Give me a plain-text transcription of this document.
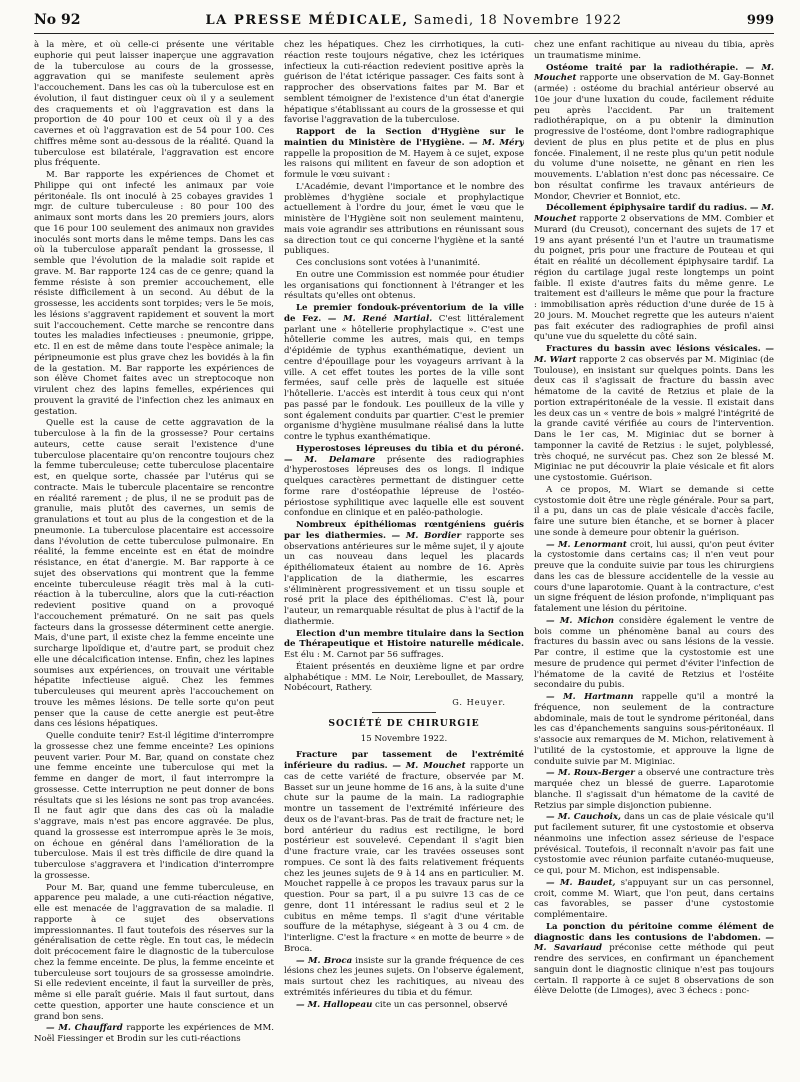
No 92	LA PRESSE MÉDICALE, Samedi, 18 Novembre 1922	999

à la mère, et où celle-ci présente une véritable euphorie qui peut laisser inaperçue une aggravation de la tuberculose au cours de la grossesse, aggravation qui se manifeste seulement après l'accouchement. Dans les cas où la tuberculose est en évolution, il faut distinguer ceux où il y a seulement des craquements et où l'aggravation est dans la proportion de 40 pour 100 et ceux où il y a des cavernes et où l'aggravation est de 54 pour 100. Ces chiffres même sont au-dessous de la réalité. Quand la tuberculose est bilatérale, l'aggravation est encore plus fréquente.

M. Bar rapporte les expériences de Chomet et Philippe qui ont infecté les animaux par voie péritonéale. Ils ont inoculé à 25 cobayes gravides 1 mgr. de culture tuberculeuse : 80 pour 100 des animaux sont morts dans les 20 premiers jours, alors que 16 pour 100 seulement des animaux non gravides inoculés sont morts dans le même temps. Dans les cas où la tuberculose apparaît pendant la grossesse, il semble que l'évolution de la maladie soit rapide et grave. M. Bar rapporte 124 cas de ce genre; quand la femme résiste à son premier accouchement, elle résiste difficilement à un second. Au début de la grossesse, les accidents sont torpides; vers le 5e mois, les lésions s'aggravent rapidement et souvent la mort suit l'accouchement. Cette marche se rencontre dans toutes les maladies infectieuses : pneumonie, grippe, etc. Il en est de même dans toute l'espèce animale; la péripneumonie est plus grave chez les bovidés à la fin de la gestation. M. Bar rapporte les expériences de son élève Chomet faites avec un streptocoque non virulent chez des lapins femelles, expériences qui prouvent la gravité de l'infection chez les animaux en gestation.

Quelle est la cause de cette aggravation de la tuberculose à la fin de la grossesse? Pour certains auteurs, cette cause serait l'existence d'une tuberculose placentaire qu'on rencontre toujours chez la femme tuberculeuse; cette tuberculose placentaire est, en quelque sorte, chassée par l'utérus qui se contracte. Mais le tubercule placentaire se rencontre en réalité rarement ; de plus, il ne se produit pas de granulie, mais plutôt des cavernes, un semis de granulations et tout au plus de la congestion et de la pneumonie. La tuberculose placentaire est accessoire dans l'évolution de cette tuberculose pulmonaire. En réalité, la femme enceinte est en état de moindre résistance, en état d'anergie. M. Bar rapporte à ce sujet des observations qui montrent que la femme enceinte tuberculeuse réagit très mal à la cuti-réaction à la tuberculine, alors que la cuti-réaction redevient positive quand on a provoqué l'accouchement prématuré. On ne sait pas quels facteurs dans la grossesse déterminent cette anergie. Mais, d'une part, il existe chez la femme enceinte une surcharge lipoïdique et, d'autre part, se produit chez elle une décalcification intense. Enfin, chez les lapines soumises aux expériences, on trouvait une véritable hépatite infectieuse aiguë. Chez les femmes tuberculeuses qui meurent après l'accouchement on trouve les mêmes lésions. De telle sorte qu'on peut penser que la cause de cette anergie est peut-être dans ces lésions hépatiques.

Quelle conduite tenir? Est-il légitime d'interrompre la grossesse chez une femme enceinte? Les opinions peuvent varier. Pour M. Bar, quand on constate chez une femme enceinte une tuberculose qui met la femme en danger de mort, il faut interrompre la grossesse. Cette interruption ne peut donner de bons résultats que si les lésions ne sont pas trop avancées. Il ne faut agir que dans des cas où la maladie s'aggrave, mais n'est pas encore aggravée. De plus, quand la grossesse est interrompue après le 3e mois, on échoue en général dans l'amélioration de la tuberculose. Mais il est très difficile de dire quand la tuberculose s'aggravera et l'indication d'interrompre la grossesse.

Pour M. Bar, quand une femme tuberculeuse, en apparence peu malade, a une cuti-réaction négative, elle est menacée de l'aggravation de sa maladie. Il rapporte à ce sujet des observations impressionnantes. Il faut toutefois des réserves sur la généralisation de cette règle. En tout cas, le médecin doit précocement faire le diagnostic de la tuberculose chez la femme enceinte. De plus, la femme enceinte et tuberculeuse sort toujours de sa grossesse amoindrie. Si elle redevient enceinte, il faut la surveiller de près, même si elle paraît guérie. Mais il faut surtout, dans cette question, apporter une haute conscience et un grand bon sens.

— M. Chauffard rapporte les expériences de MM. Noël Fiessinger et Brodin sur les cuti-réactions

chez les hépatiques. Chez les cirrhotiques, la cuti-réaction reste toujours négative, chez les ictériques infectieux la cuti-réaction redevient positive après la guérison de l'état ictérique passager. Ces faits sont à rapprocher des observations faites par M. Bar et semblent témoigner de l'existence d'un état d'anergie hépatique s'établissant au cours de la grossesse et qui favorise l'aggravation de la tuberculose.

Rapport de la Section d'Hygiène sur le maintien du Ministère de l'Hygiène. — M. Méry rappelle la proposition de M. Hayem à ce sujet, expose les raisons qui militent en faveur de son adoption et formule le vœu suivant :

L'Académie, devant l'importance et le nombre des problèmes d'hygiène sociale et prophylactique actuellement à l'ordre du jour, émet le vœu que le ministère de l'Hygiène soit non seulement maintenu, mais voie agrandir ses attributions en réunissant sous sa direction tout ce qui concerne l'hygiène et la santé publiques.

Ces conclusions sont votées à l'unanimité.

En outre une Commission est nommée pour étudier les organisations qui fonctionnent à l'étranger et les résultats qu'elles ont obtenus.

Le premier fondouk-préventorium de la ville de Fez. — M. René Martial. C'est littéralement parlant une « hôtellerie prophylactique ». C'est une hôtellerie comme les autres, mais qui, en temps d'épidémie de typhus exanthématique, devient un centre d'épouillage pour les voyageurs arrivant à la ville. A cet effet toutes les portes de la ville sont fermées, sauf celle près de laquelle est située l'hôtellerie. L'accès est interdit à tous ceux qui n'ont pas passé par le fondouk. Les pouilleux de la ville y sont également conduits par quartier. C'est le premier organisme d'hygiène musulmane réalisé dans la lutte contre le typhus exanthématique.

Hyperostoses lépreuses du tibia et du péroné. — M. Delamare présente des radiographies d'hyperostoses lépreuses des os longs. Il indique quelques caractères permettant de distinguer cette forme rare d'ostéopathie lépreuse de l'ostéo-périostose syphilitique avec laquelle elle est souvent confondue en clinique et en paléo-pathologie.

Nombreux épithéliomas rœntgéniens guéris par les diathermies. — M. Bordier rapporte ses observations antérieures sur le même sujet, il y ajoute un cas nouveau dans lequel les placards épithéliomateux étaient au nombre de 16. Après l'application de la diathermie, les escarres s'éliminèrent progressivement et un tissu souple et rosé prit la place des épithéliomas. C'est là, pour l'auteur, un remarquable résultat de plus à l'actif de la diathermie.

Election d'un membre titulaire dans la Section de Thérapeutique et Histoire naturelle médicale. Est élu : M. Carnot par 56 suffrages.

Étaient présentés en deuxième ligne et par ordre alphabétique : MM. Le Noir, Lereboullet, de Massary, Nobécourt, Rathery.

G. Heuyer.
SOCIÉTÉ DE CHIRURGIE
15 Novembre 1922.

Fracture par tassement de l'extrémité inférieure du radius. — M. Mouchet rapporte un cas de cette variété de fracture, observée par M. Basset sur un jeune homme de 16 ans, à la suite d'une chute sur la paume de la main. La radiographie montre un tassement de l'extrémité inférieure des deux os de l'avant-bras. Pas de trait de fracture net; le bord antérieur du radius est rectiligne, le bord postérieur est souvelevé. Cependant il s'agit bien d'une fracture vraie, car les travées osseuses sont rompues. Ce sont là des faits relativement fréquents chez les jeunes sujets de 9 à 14 ans en particulier. M. Mouchet rappelle à ce propos les travaux parus sur la question. Pour sa part, il a pu suivre 13 cas de ce genre, dont 11 intéressant le radius seul et 2 le cubitus en même temps. Il s'agit d'une véritable souffure de la métaphyse, siégeant à 3 ou 4 cm. de l'interligne. C'est la fracture « en motte de beurre » de Broca.

— M. Broca insiste sur la grande fréquence de ces lésions chez les jeunes sujets. On l'observe également, mais surtout chez les rachitiques, au niveau des extrémités inférieures du tibia et du fémur.

— M. Hallopeau cite un cas personnel, observé

chez une enfant rachitique au niveau du tibia, après un traumatisme minime.

Ostéome traité par la radiothérapie. — M. Mouchet rapporte une observation de M. Gay-Bonnet (armée) : ostéome du brachial antérieur observé au 10e jour d'une luxation du coude, facilement réduite peu après l'accident. Par un traitement radiothérapique, on a pu obtenir la diminution progressive de l'ostéome, dont l'ombre radiographique devient de plus en plus petite et de plus en plus foncée. Finalement, il ne reste plus qu'un petit nodule du volume d'une noisette, ne gênant en rien les mouvements. L'ablation n'est donc pas nécessaire. Ce bon résultat confirme les travaux antérieurs de Mondor, Chevrier et Bonniot, etc.

Décollement épiphysaire tardif du radius. — M. Mouchet rapporte 2 observations de MM. Combier et Murard (du Creusot), concernant des sujets de 17 et 19 ans ayant présenté l'un et l'autre un traumatisme du poignet, pris pour une fracture de Pouteau et qui était en réalité un décollement épiphysaire tardif. La région du cartilage jugal reste longtemps un point faible. Il existe d'autres faits du même genre. Le traitement est d'ailleurs le même que pour la fracture : immobilisation après réduction d'une durée de 15 à 20 jours. M. Mouchet regrette que les auteurs n'aient pas fait exécuter des radiographies de profil ainsi qu'une vue du squelette du côté sain.

Fractures du bassin avec lésions vésicales. — M. Wiart rapporte 2 cas observés par M. Miginiac (de Toulouse), en insistant sur quelques points. Dans les deux cas il s'agissait de fracture du bassin avec hématome de la cavité de Retzius et plaie de la portion extrapéritonéale de la vessie. Il existait dans les deux cas un « ventre de bois » malgré l'intégrité de la grande cavité vérifiée au cours de l'intervention. Dans le 1er cas, M. Miginiac dut se borner à tamponner la cavité de Retzius : le sujet, polyblessé, très choqué, ne survécut pas. Chez son 2e blessé M. Miginiac ne put découvrir la plaie vésicale et fit alors une cystostomie. Guérison.

A ce propos, M. Wiart se demande si cette cystostomie doit être une règle générale. Pour sa part, il a pu, dans un cas de plaie vésicale d'accès facile, faire une suture bien étanche, et se borner à placer une sonde à demeure pour obtenir la guérison.

— M. Lenormant croit, lui aussi, qu'on peut éviter la cystostomie dans certains cas; il n'en veut pour preuve que la conduite suivie par tous les chirurgiens dans les cas de blessure accidentelle de la vessie au cours d'une laparotomie. Quant à la contracture, c'est un signe fréquent de lésion profonde, n'impliquant pas fatalement une lésion du péritoine.

— M. Michon considère également le ventre de bois comme un phénomène banal au cours des fractures du bassin avec ou sans lésions de la vessie. Par contre, il estime que la cystostomie est une mesure de prudence qui permet d'éviter l'infection de l'hématome de la cavité de Retzius et l'ostéite secondaire du pubis.

— M. Hartmann rappelle qu'il a montré la fréquence, non seulement de la contracture abdominale, mais de tout le syndrome péritonéal, dans les cas d'épanchements sanguins sous-péritonéaux. Il s'associe aux remarques de M. Michon, relativement à l'utilité de la cystostomie, et approuve la ligne de conduite suivie par M. Miginiac.

— M. Roux-Berger a observé une contracture très marquée chez un blessé de guerre. Laparotomie blanche. Il s'agissait d'un hématome de la cavité de Retzius par simple disjonction pubienne.

— M. Cauchoix, dans un cas de plaie vésicale qu'il put facilement suturer, fit une cystostomie et observa néanmoins une infection assez sérieuse de l'espace prévésical. Toutefois, il reconnaît n'avoir pas fait une cystostomie avec réunion parfaite cutanéo-muqueuse, ce qui, pour M. Michon, est indispensable.

— M. Baudet, s'appuyant sur un cas personnel, croit, comme M. Wiart, que l'on peut, dans certains cas favorables, se passer d'une cystostomie complémentaire.

La ponction du péritoine comme élément de diagnostic dans les contusions de l'abdomen. — M. Savariaud préconise cette méthode qui peut rendre des services, en confirmant un épanchement sanguin dont le diagnostic clinique n'est pas toujours certain. Il rapporte à ce sujet 8 observations de son élève Delotte (de Limoges), avec 3 échecs : ponc-
